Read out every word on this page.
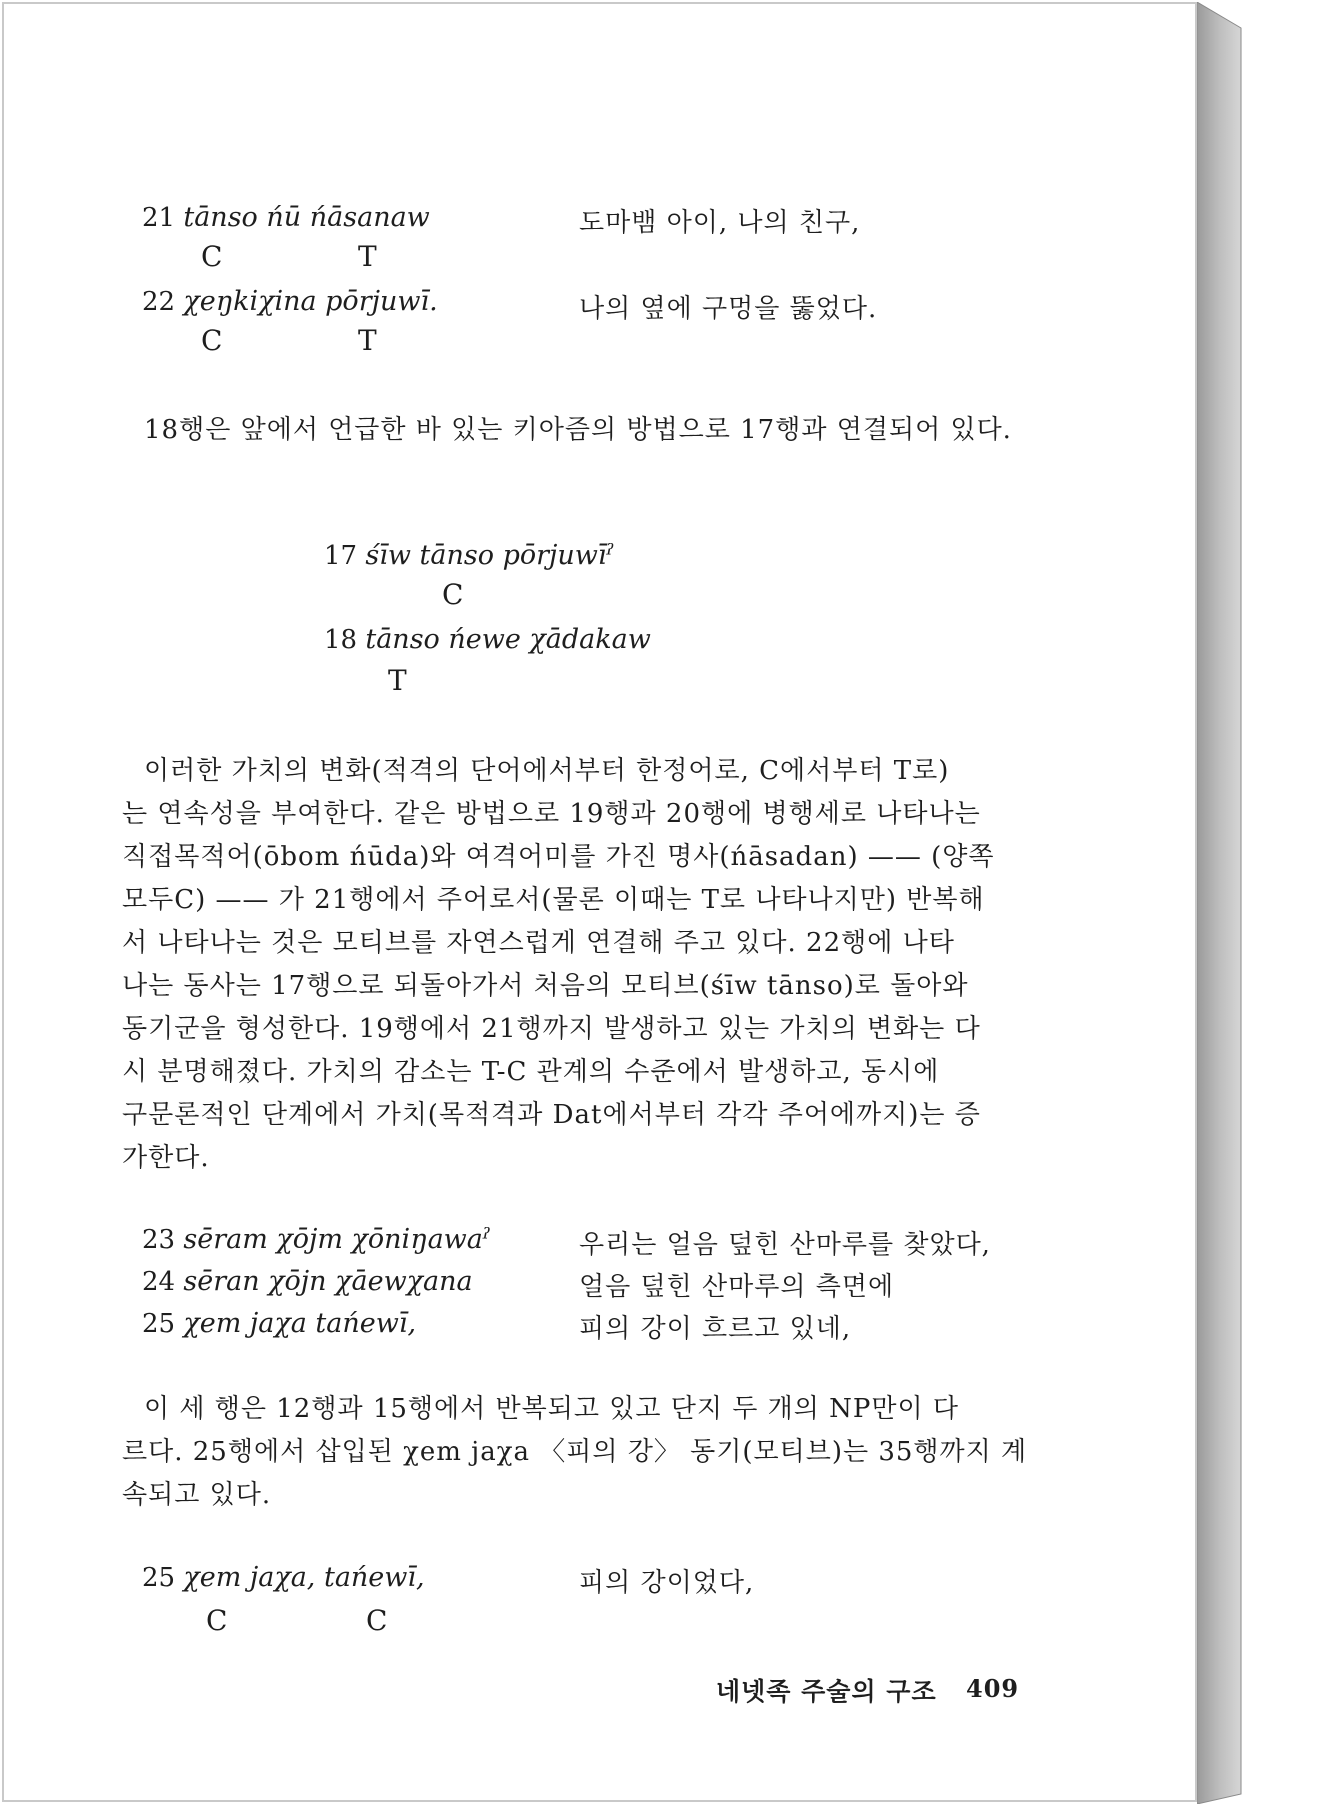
21 tānso ńū ńāsanaw	도마뱀 아이, 나의 친구,
C	T
22 χeŋkiχina pōrjuwī.	나의 옆에 구멍을 뚫었다.
C	T

18행은 앞에서 언급한 바 있는 키아즘의 방법으로 17행과 연결되어 있다.

17 śīw tānso pōrjuwīˀ
C
18 tānso ńewe χādakaw
T

이러한 가치의 변화(적격의 단어에서부터 한정어로, C에서부터 T로)

는 연속성을 부여한다. 같은 방법으로 19행과 20행에 병행세로 나타나는

직접목적어(ōbom ńūda)와 여격어미를 가진 명사(ńāsadan) —— (양쪽

모두C) —— 가 21행에서 주어로서(물론 이때는 T로 나타나지만) 반복해

서 나타나는 것은 모티브를 자연스럽게 연결해 주고 있다. 22행에 나타

나는 동사는 17행으로 되돌아가서 처음의 모티브(śīw tānso)로 돌아와

동기군을 형성한다. 19행에서 21행까지 발생하고 있는 가치의 변화는 다

시 분명해졌다. 가치의 감소는 T-C 관계의 수준에서 발생하고, 동시에

구문론적인 단계에서 가치(목적격과 Dat에서부터 각각 주어에까지)는 증

가한다.

23 sēram χōjm χōniŋawaˀ	우리는 얼음 덮힌 산마루를 찾았다,
24 sēran χōjn χāewχana	얼음 덮힌 산마루의 측면에
25 χem jaχa tańewī,	피의 강이 흐르고 있네,

이 세 행은 12행과 15행에서 반복되고 있고 단지 두 개의 NP만이 다

르다. 25행에서 삽입된 χem jaχa 〈피의 강〉 동기(모티브)는 35행까지 계

속되고 있다.

25 χem jaχa, tańewī,	피의 강이었다,
C	C
네넷족 주술의 구조 409
